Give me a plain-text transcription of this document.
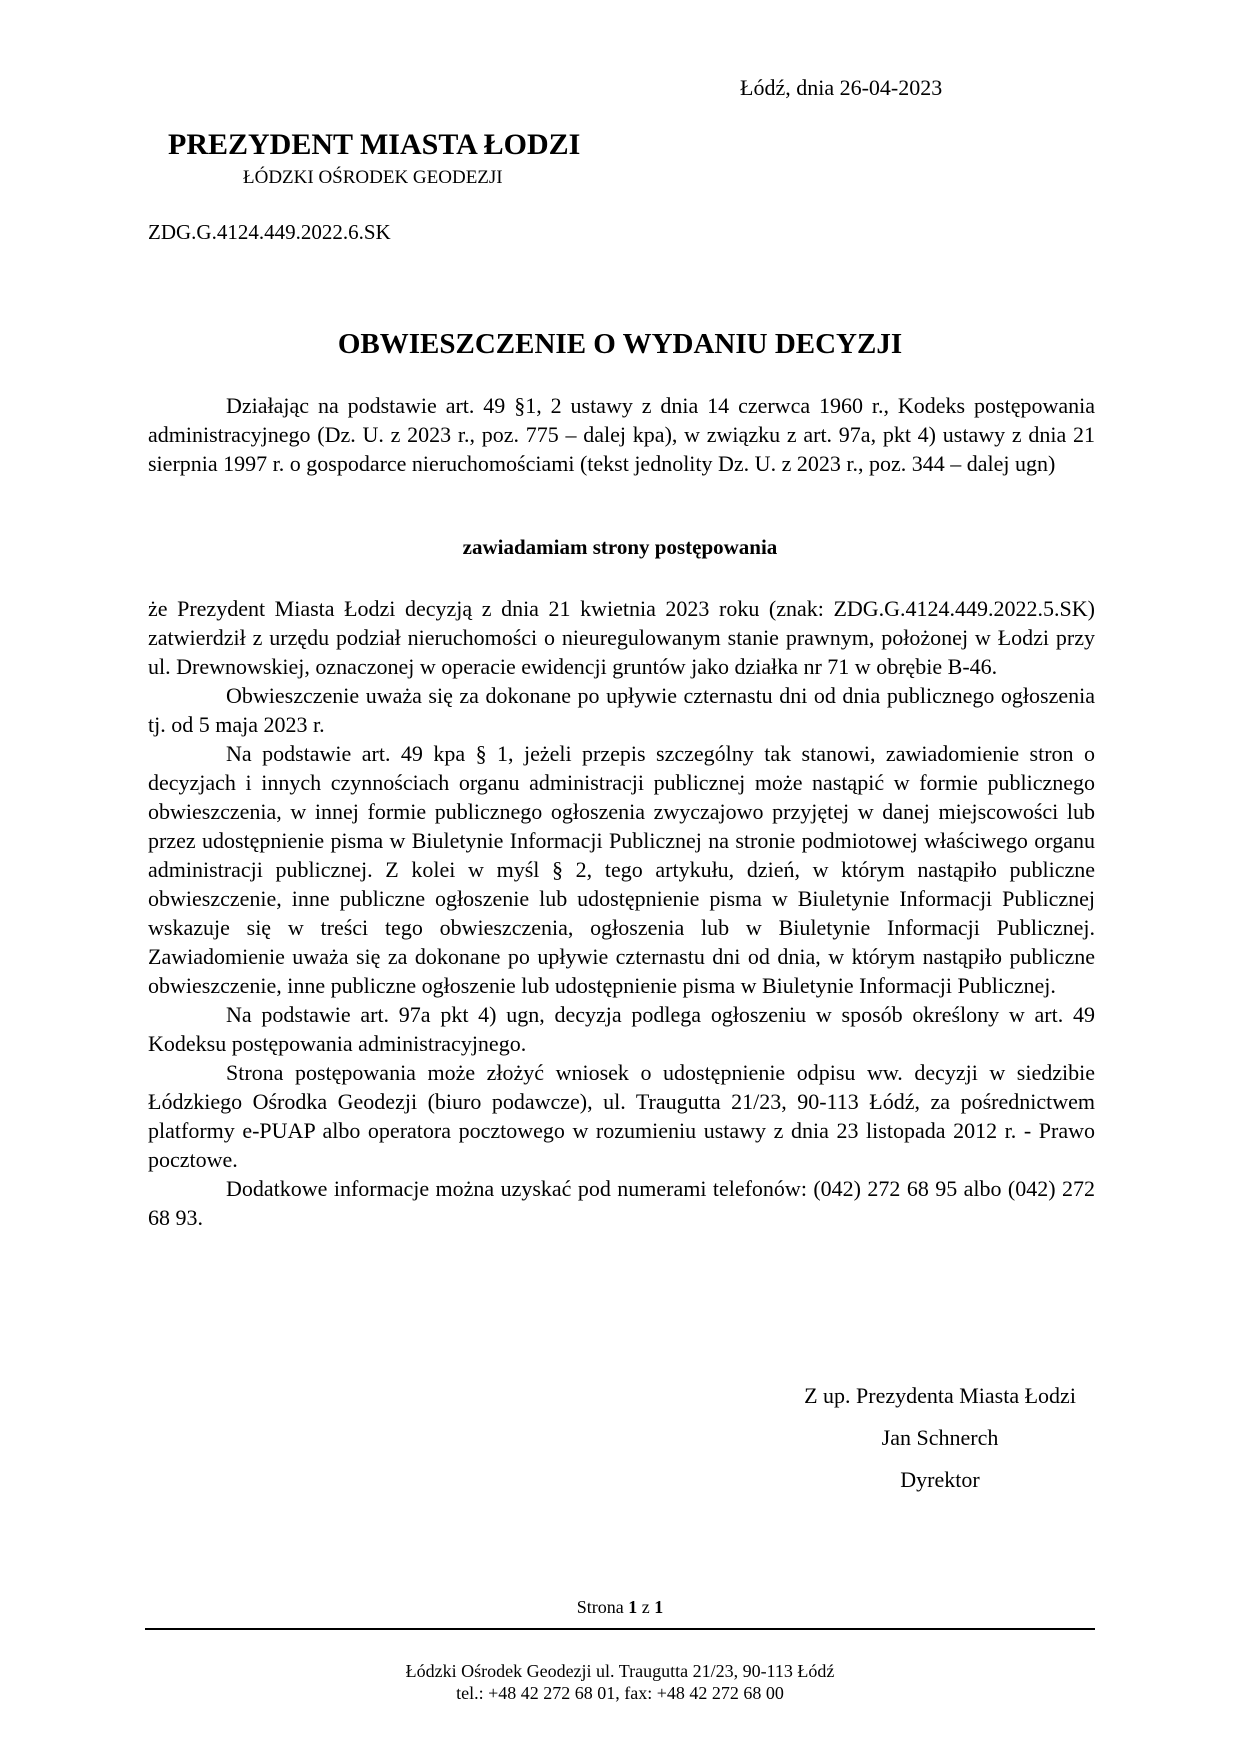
Łódź, dnia 26-04-2023
PREZYDENT MIASTA ŁODZI
ŁÓDZKI OŚRODEK GEODEZJI
ZDG.G.4124.449.2022.6.SK
OBWIESZCZENIE O WYDANIU DECYZJI

Działając na podstawie art. 49 §1, 2 ustawy z dnia 14 czerwca 1960 r., Kodeks postępowania administracyjnego (Dz. U. z 2023 r., poz. 775 – dalej kpa), w związku z art. 97a, pkt 4) ustawy z dnia 21 sierpnia 1997 r. o gospodarce nieruchomościami (tekst jednolity Dz. U. z 2023 r., poz. 344 – dalej ugn)

zawiadamiam strony postępowania

że Prezydent Miasta Łodzi decyzją z dnia 21 kwietnia 2023 roku (znak: ZDG.G.4124.449.2022.5.SK) zatwierdził z urzędu podział nieruchomości o nieuregulowanym stanie prawnym, położonej w Łodzi przy ul. Drewnowskiej, oznaczonej w operacie ewidencji gruntów jako działka nr 71 w obrębie B-46.

Obwieszczenie uważa się za dokonane po upływie czternastu dni od dnia publicznego ogłoszenia tj. od 5 maja 2023 r.

Na podstawie art. 49 kpa § 1, jeżeli przepis szczególny tak stanowi, zawiadomienie stron o decyzjach i innych czynnościach organu administracji publicznej może nastąpić w formie publicznego obwieszczenia, w innej formie publicznego ogłoszenia zwyczajowo przyjętej w danej miejscowości lub przez udostępnienie pisma w Biuletynie Informacji Publicznej na stronie podmiotowej właściwego organu administracji publicznej. Z kolei w myśl § 2, tego artykułu, dzień, w którym nastąpiło publiczne obwieszczenie, inne publiczne ogłoszenie lub udostępnienie pisma w Biuletynie Informacji Publicznej wskazuje się w treści tego obwieszczenia, ogłoszenia lub w Biuletynie Informacji Publicznej. Zawiadomienie uważa się za dokonane po upływie czternastu dni od dnia, w którym nastąpiło publiczne obwieszczenie, inne publiczne ogłoszenie lub udostępnienie pisma w Biuletynie Informacji Publicznej.

Na podstawie art. 97a pkt 4) ugn, decyzja podlega ogłoszeniu w sposób określony w art. 49 Kodeksu postępowania administracyjnego.

Strona postępowania może złożyć wniosek o udostępnienie odpisu ww. decyzji w siedzibie Łódzkiego Ośrodka Geodezji (biuro podawcze), ul. Traugutta 21/23, 90-113 Łódź, za pośrednictwem platformy e-PUAP albo operatora pocztowego w rozumieniu ustawy z dnia 23 listopada 2012 r. - Prawo pocztowe.

Dodatkowe informacje można uzyskać pod numerami telefonów: (042) 272 68 95 albo (042) 272 68 93.

Z up. Prezydenta Miasta Łodzi
Jan Schnerch
Dyrektor
Strona 1 z 1
Łódzki Ośrodek Geodezji ul. Traugutta 21/23, 90-113 Łódź
tel.: +48 42 272 68 01, fax: +48 42 272 68 00
